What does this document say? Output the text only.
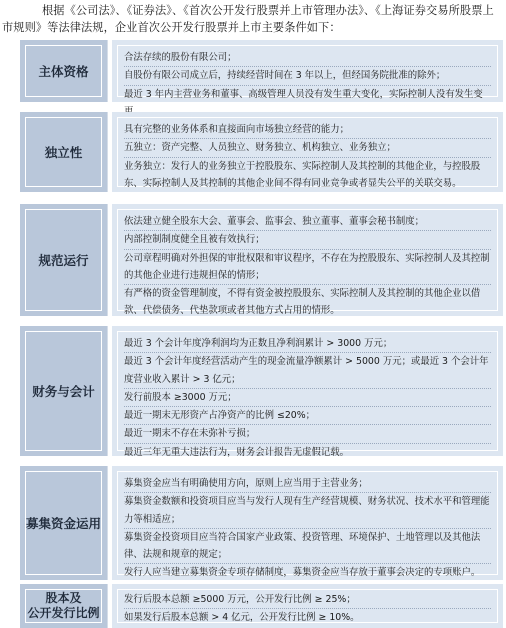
根据《公司法》、《证券法》、《首次公开发行股票并上市管理办法》、《上海证券交易所股票上市规则》等法律法规，企业首次公开发行股票并上市主要条件如下：
主体资格
合法存续的股份有限公司；
自股份有限公司成立后，持续经营时间在 3 年以上，但经国务院批准的除外；
最近 3 年内主营业务和董事、高级管理人员没有发生重大变化，实际控制人没有发生变
独立性
具有完整的业务体系和直接面向市场独立经营的能力；
五独立：资产完整、人员独立、财务独立、机构独立、业务独立；
业务独立：发行人的业务独立于控股股东、实际控制人及其控制的其他企业，与控股股东、实际控制人及其控制的其他企业间不得有同业竞争或者显失公平的关联交易。
规范运行
依法建立健全股东大会、董事会、监事会、独立董事、董事会秘书制度；
内部控制制度健全且被有效执行；
公司章程明确对外担保的审批权限和审议程序，不存在为控股股东、实际控制人及其控制的其他企业进行违规担保的情形；
有严格的资金管理制度，不得有资金被控股股东、实际控制人及其控制的其他企业以借款、代偿债务、代垫款项或者其他方式占用的情形。
财务与会计
最近 3 个会计年度净利润均为正数且净利润累计 > 3000 万元；
最近 3 个会计年度经营活动产生的现金流量净额累计 > 5000 万元；或最近 3 个会计年度营业收入累计 > 3 亿元；
发行前股本 ≥3000 万元；
最近一期末无形资产占净资产的比例 ≤20%；
最近一期末不存在未弥补亏损；
最近三年无重大违法行为，财务会计报告无虚假记载。
募集资金运用
募集资金应当有明确使用方向，原则上应当用于主营业务；
募集资金数额和投资项目应当与发行人现有生产经营规模、财务状况、技术水平和管理能力等相适应；
募集资金投资项目应当符合国家产业政策、投资管理、环境保护、土地管理以及其他法律、法规和规章的规定；
发行人应当建立募集资金专项存储制度，募集资金应当存放于董事会决定的专项账户。
股本及
公开发行比例
发行后股本总额 ≥5000 万元，公开发行比例 ≥ 25%；
如果发行后股本总额 > 4 亿元，公开发行比例 ≥ 10%。
